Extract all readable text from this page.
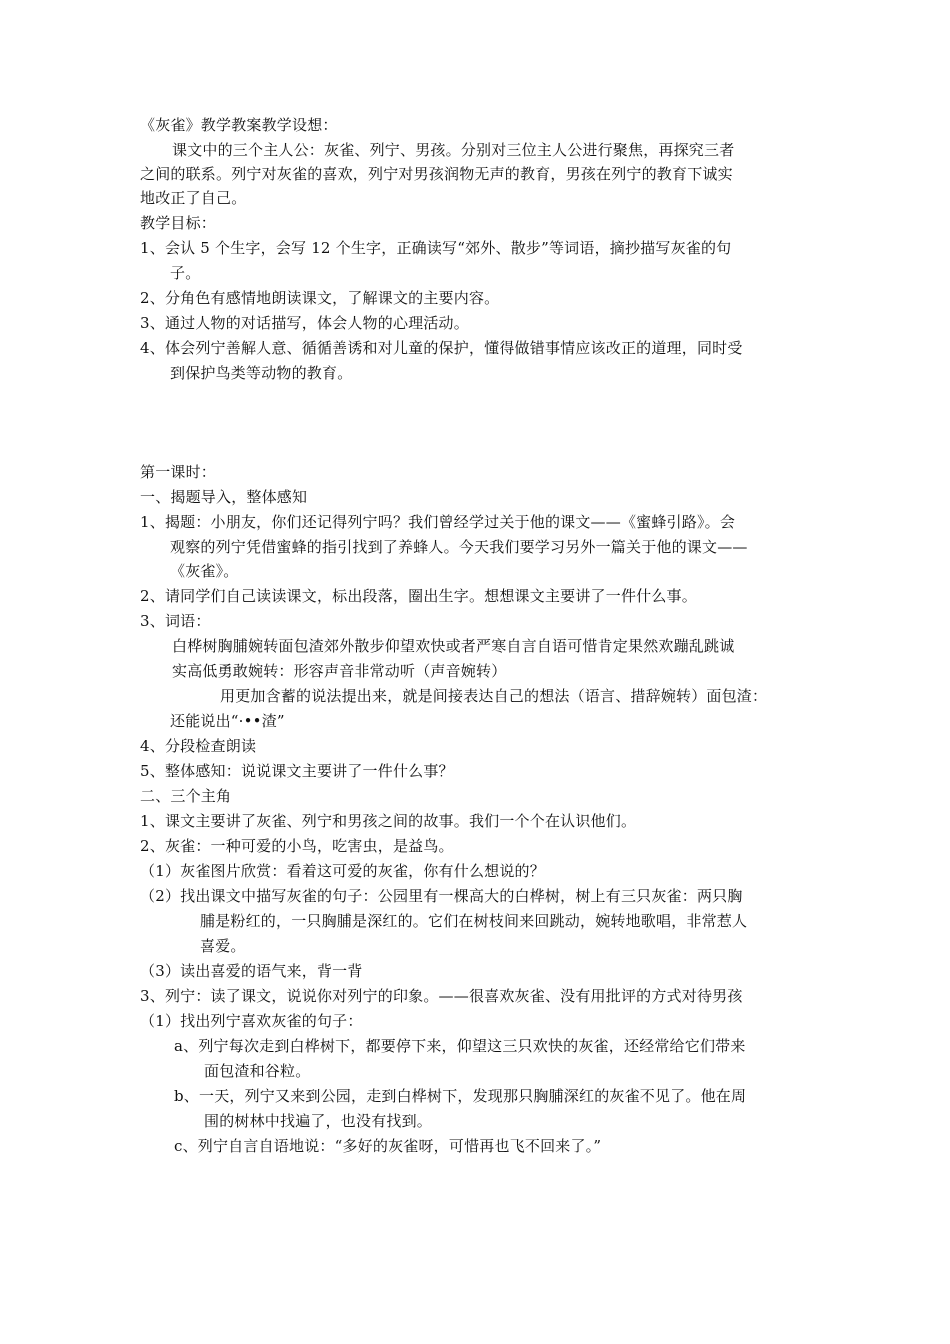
《灰雀》教学教案教学设想：
课文中的三个主人公：灰雀、列宁、男孩。分别对三位主人公进行聚焦，再探究三者
之间的联系。列宁对灰雀的喜欢，列宁对男孩润物无声的教育，男孩在列宁的教育下诚实
地改正了自己。
教学目标：
1、会认 5 个生字，会写 12 个生字，正确读写“郊外、散步”等词语，摘抄描写灰雀的句
子。
2、分角色有感情地朗读课文，了解课文的主要内容。
3、通过人物的对话描写，体会人物的心理活动。
4、体会列宁善解人意、循循善诱和对儿童的保护，懂得做错事情应该改正的道理，同时受
到保护鸟类等动物的教育。
第一课时：
一、揭题导入，整体感知
1、揭题：小朋友，你们还记得列宁吗？我们曾经学过关于他的课文——《蜜蜂引路》。会
观察的列宁凭借蜜蜂的指引找到了养蜂人。今天我们要学习另外一篇关于他的课文——
《灰雀》。
2、请同学们自己读读课文，标出段落，圈出生字。想想课文主要讲了一件什么事。
3、词语：
白桦树胸脯婉转面包渣郊外散步仰望欢快或者严寒自言自语可惜肯定果然欢蹦乱跳诚
实高低勇敢婉转：形容声音非常动听（声音婉转）
用更加含蓄的说法提出来，就是间接表达自己的想法（语言、措辞婉转）面包渣：
还能说出“·••渣”
4、分段检查朗读
5、整体感知：说说课文主要讲了一件什么事？
二、三个主角
1、课文主要讲了灰雀、列宁和男孩之间的故事。我们一个个在认识他们。
2、灰雀：一种可爱的小鸟，吃害虫，是益鸟。
（1）灰雀图片欣赏：看着这可爱的灰雀，你有什么想说的？
（2）找出课文中描写灰雀的句子：公园里有一棵高大的白桦树，树上有三只灰雀：两只胸
脯是粉红的，一只胸脯是深红的。它们在树枝间来回跳动，婉转地歌唱，非常惹人
喜爱。
（3）读出喜爱的语气来，背一背
3、列宁：读了课文，说说你对列宁的印象。——很喜欢灰雀、没有用批评的方式对待男孩
（1）找出列宁喜欢灰雀的句子：
a、列宁每次走到白桦树下，都要停下来，仰望这三只欢快的灰雀，还经常给它们带来
面包渣和谷粒。
b、一天，列宁又来到公园，走到白桦树下，发现那只胸脯深红的灰雀不见了。他在周
围的树林中找遍了，也没有找到。
c、列宁自言自语地说：“多好的灰雀呀，可惜再也飞不回来了。”
